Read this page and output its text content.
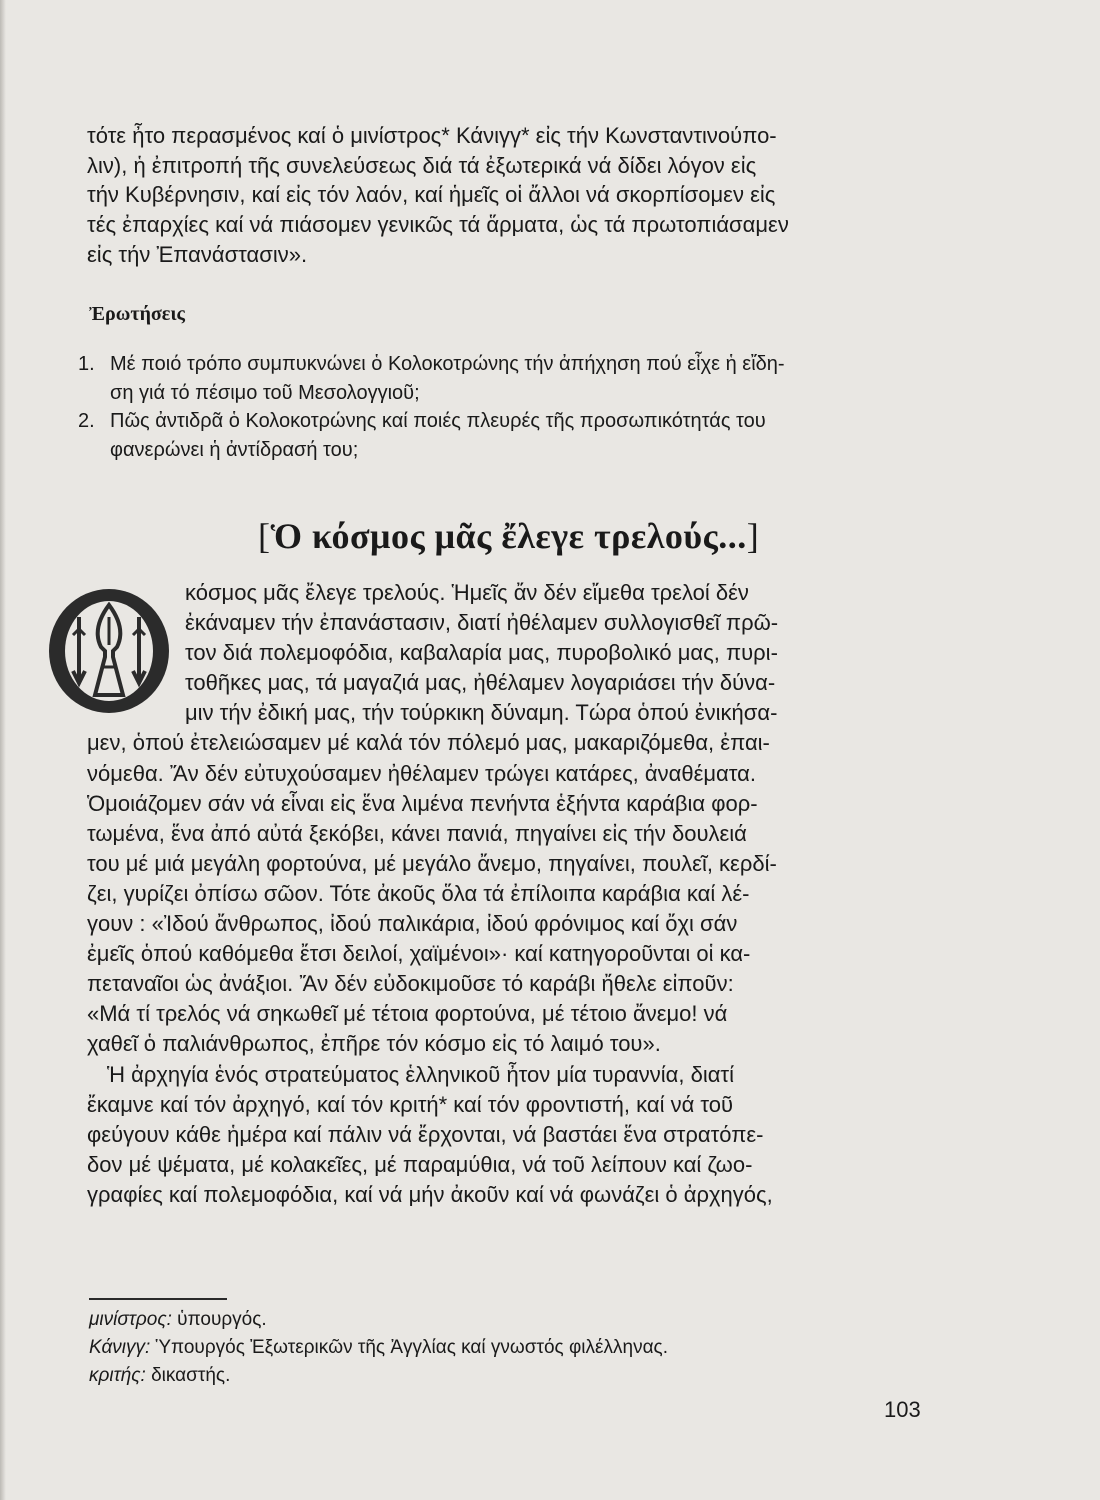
τότε ἦτο περασμένος καί ὁ μινίστρος* Κάνιγγ* εἰς τήν Κωνσταντινούπο-
λιν), ἡ ἐπιτροπή τῆς συνελεύσεως διά τά ἐξωτερικά νά δίδει λόγον εἰς
τήν Κυβέρνησιν, καί εἰς τόν λαόν, καί ἡμεῖς οἱ ἄλλοι νά σκορπίσομεν εἰς
τές ἐπαρχίες καί νά πιάσομεν γενικῶς τά ἅρματα, ὡς τά πρωτοπιάσαμεν
εἰς τήν Ἐπανάστασιν».
Ἐρωτήσεις
1. Μέ ποιό τρόπο συμπυκνώνει ὁ Κολοκοτρώνης τήν ἀπήχηση πού εἶχε ἡ εἴδη-
ση γιά τό πέσιμο τοῦ Μεσολογγιοῦ;
2. Πῶς ἀντιδρᾶ ὁ Κολοκοτρώνης καί ποιές πλευρές τῆς προσωπικότητάς του
φανερώνει ἡ ἀντίδρασή του;
[Ὁ κόσμος μᾶς ἔλεγε τρελούς...]
κόσμος μᾶς ἔλεγε τρελούς. Ἡμεῖς ἄν δέν εἴμεθα τρελοί δέν
ἐκάναμεν τήν ἐπανάστασιν, διατί ἠθέλαμεν συλλογισθεῖ πρῶ-
τον διά πολεμοφόδια, καβαλαρία μας, πυροβολικό μας, πυρι-
τοθῆκες μας, τά μαγαζιά μας, ἠθέλαμεν λογαριάσει τήν δύνα-
μιν τήν ἐδική μας, τήν τούρκικη δύναμη. Τώρα ὁπού ἐνικήσα-
μεν, ὁπού ἐτελειώσαμεν μέ καλά τόν πόλεμό μας, μακαριζόμεθα, ἐπαι-
νόμεθα. Ἄν δέν εὐτυχούσαμεν ἠθέλαμεν τρώγει κατάρες, ἀναθέματα.
Ὁμοιάζομεν σάν νά εἶναι εἰς ἕνα λιμένα πενήντα ἑξήντα καράβια φορ-
τωμένα, ἕνα ἀπό αὐτά ξεκόβει, κάνει πανιά, πηγαίνει εἰς τήν δουλειά
του μέ μιά μεγάλη φορτούνα, μέ μεγάλο ἄνεμο, πηγαίνει, πουλεῖ, κερδί-
ζει, γυρίζει ὀπίσω σῶον. Τότε ἀκοῦς ὅλα τά ἐπίλοιπα καράβια καί λέ-
γουν : «Ἰδού ἄνθρωπος, ἰδού παλικάρια, ἰδού φρόνιμος καί ὄχι σάν
ἐμεῖς ὁπού καθόμεθα ἔτσι δειλοί, χαϊμένοι»· καί κατηγοροῦνται οἱ κα-
πεταναῖοι ὡς ἀνάξιοι. Ἄν δέν εὐδοκιμοῦσε τό καράβι ἤθελε εἰποῦν:
«Μά τί τρελός νά σηκωθεῖ μέ τέτοια φορτούνα, μέ τέτοιο ἄνεμο! νά
χαθεῖ ὁ παλιάνθρωπος, ἐπῆρε τόν κόσμο εἰς τό λαιμό του».
Ἡ ἀρχηγία ἑνός στρατεύματος ἑλληνικοῦ ἦτον μία τυραννία, διατί
ἔκαμνε καί τόν ἀρχηγό, καί τόν κριτή* καί τόν φροντιστή, καί νά τοῦ
φεύγουν κάθε ἡμέρα καί πάλιν νά ἔρχονται, νά βαστάει ἕνα στρατόπε-
δον μέ ψέματα, μέ κολακεῖες, μέ παραμύθια, νά τοῦ λείπουν καί ζωο-
γραφίες καί πολεμοφόδια, καί νά μήν ἀκοῦν καί νά φωνάζει ὁ ἀρχηγός,
μινίστρος: ὑπουργός.
Κάνιγγ: Ὑπουργός Ἐξωτερικῶν τῆς Ἀγγλίας καί γνωστός φιλέλληνας.
κριτής: δικαστής.
103
